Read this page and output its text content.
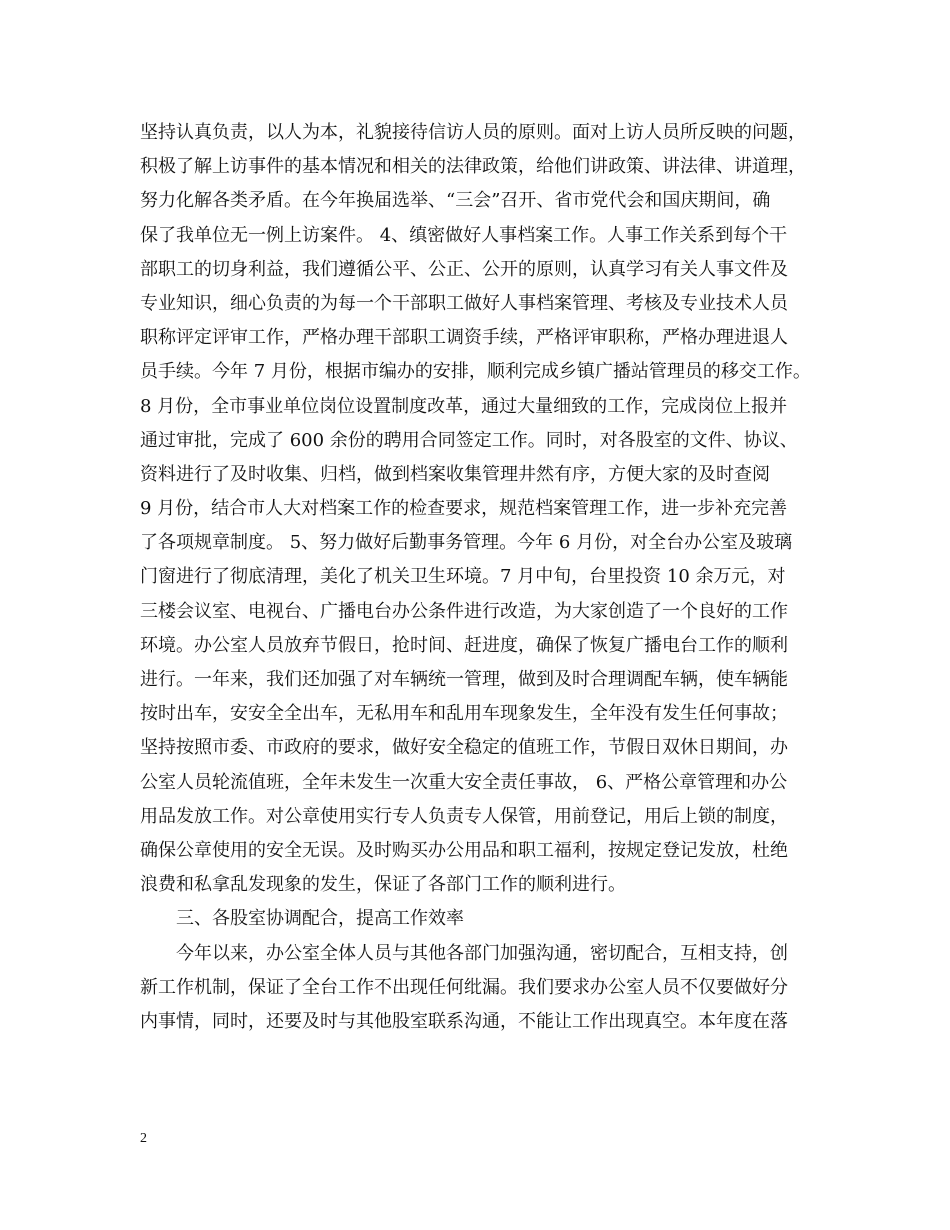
坚持认真负责，以人为本，礼貌接待信访人员的原则。面对上访人员所反映的问题，
积极了解上访事件的基本情况和相关的法律政策，给他们讲政策、讲法律、讲道理，
努力化解各类矛盾。在今年换届选举、“三会”召开、省市党代会和国庆期间，确
保了我单位无一例上访案件。 4、缜密做好人事档案工作。人事工作关系到每个干
部职工的切身利益，我们遵循公平、公正、公开的原则，认真学习有关人事文件及
专业知识，细心负责的为每一个干部职工做好人事档案管理、考核及专业技术人员
职称评定评审工作，严格办理干部职工调资手续，严格评审职称，严格办理进退人
员手续。今年 7 月份，根据市编办的安排，顺利完成乡镇广播站管理员的移交工作。
8 月份，全市事业单位岗位设置制度改革，通过大量细致的工作，完成岗位上报并
通过审批，完成了 600 余份的聘用合同签定工作。同时，对各股室的文件、协议、
资料进行了及时收集、归档，做到档案收集管理井然有序，方便大家的及时查阅
9 月份，结合市人大对档案工作的检查要求，规范档案管理工作，进一步补充完善
了各项规章制度。 5、努力做好后勤事务管理。今年 6 月份，对全台办公室及玻璃
门窗进行了彻底清理，美化了机关卫生环境。7 月中旬，台里投资 10 余万元，对
三楼会议室、电视台、广播电台办公条件进行改造，为大家创造了一个良好的工作
环境。办公室人员放弃节假日，抢时间、赶进度，确保了恢复广播电台工作的顺利
进行。一年来，我们还加强了对车辆统一管理，做到及时合理调配车辆，使车辆能
按时出车，安安全全出车，无私用车和乱用车现象发生，全年没有发生任何事故；
坚持按照市委、市政府的要求，做好安全稳定的值班工作，节假日双休日期间，办
公室人员轮流值班，全年未发生一次重大安全责任事故， 6、严格公章管理和办公
用品发放工作。对公章使用实行专人负责专人保管，用前登记，用后上锁的制度，
确保公章使用的安全无误。及时购买办公用品和职工福利，按规定登记发放，杜绝
浪费和私拿乱发现象的发生，保证了各部门工作的顺利进行。
三、各股室协调配合，提高工作效率
今年以来，办公室全体人员与其他各部门加强沟通，密切配合，互相支持，创
新工作机制，保证了全台工作不出现任何纰漏。我们要求办公室人员不仅要做好分
内事情，同时，还要及时与其他股室联系沟通，不能让工作出现真空。本年度在落
2
